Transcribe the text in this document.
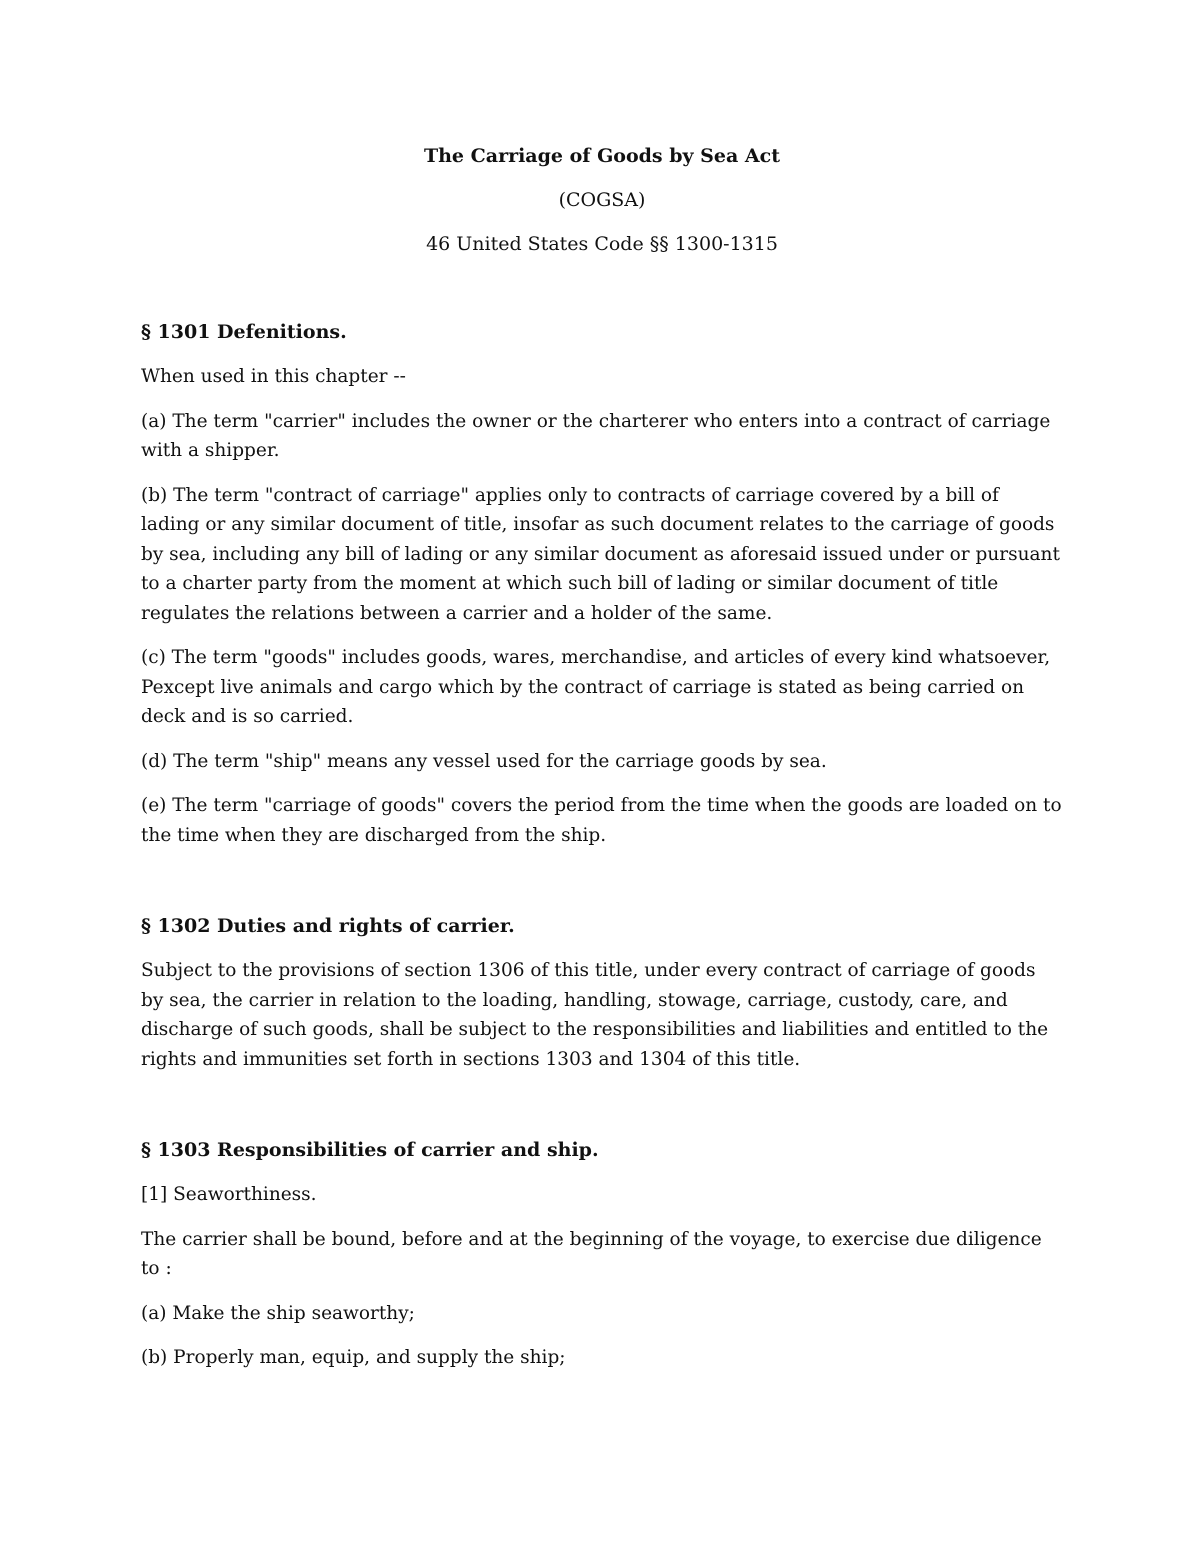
The Carriage of Goods by Sea Act

(COGSA)

46 United States Code §§ 1300-1315

§ 1301 Defenitions.

When used in this chapter --

(a) The term "carrier" includes the owner or the charterer who enters into a contract of carriage with a shipper.

(b) The term "contract of carriage" applies only to contracts of carriage covered by a bill of lading or any similar document of title, insofar as such document relates to the carriage of goods by sea, including any bill of lading or any similar document as aforesaid issued under or pursuant to a charter party from the moment at which such bill of lading or similar document of title regulates the relations between a carrier and a holder of the same.

(c) The term "goods" includes goods, wares, merchandise, and articles of every kind whatsoever, Pexcept live animals and cargo which by the contract of carriage is stated as being carried on deck and is so carried.

(d) The term "ship" means any vessel used for the carriage goods by sea.

(e) The term "carriage of goods" covers the period from the time when the goods are loaded on to the time when they are discharged from the ship.

§ 1302 Duties and rights of carrier.

Subject to the provisions of section 1306 of this title, under every contract of carriage of goods by sea, the carrier in relation to the loading, handling, stowage, carriage, custody, care, and discharge of such goods, shall be subject to the responsibilities and liabilities and entitled to the rights and immunities set forth in sections 1303 and 1304 of this title.

§ 1303 Responsibilities of carrier and ship.

[1] Seaworthiness.

The carrier shall be bound, before and at the beginning of the voyage, to exercise due diligence to :

(a) Make the ship seaworthy;

(b) Properly man, equip, and supply the ship;
